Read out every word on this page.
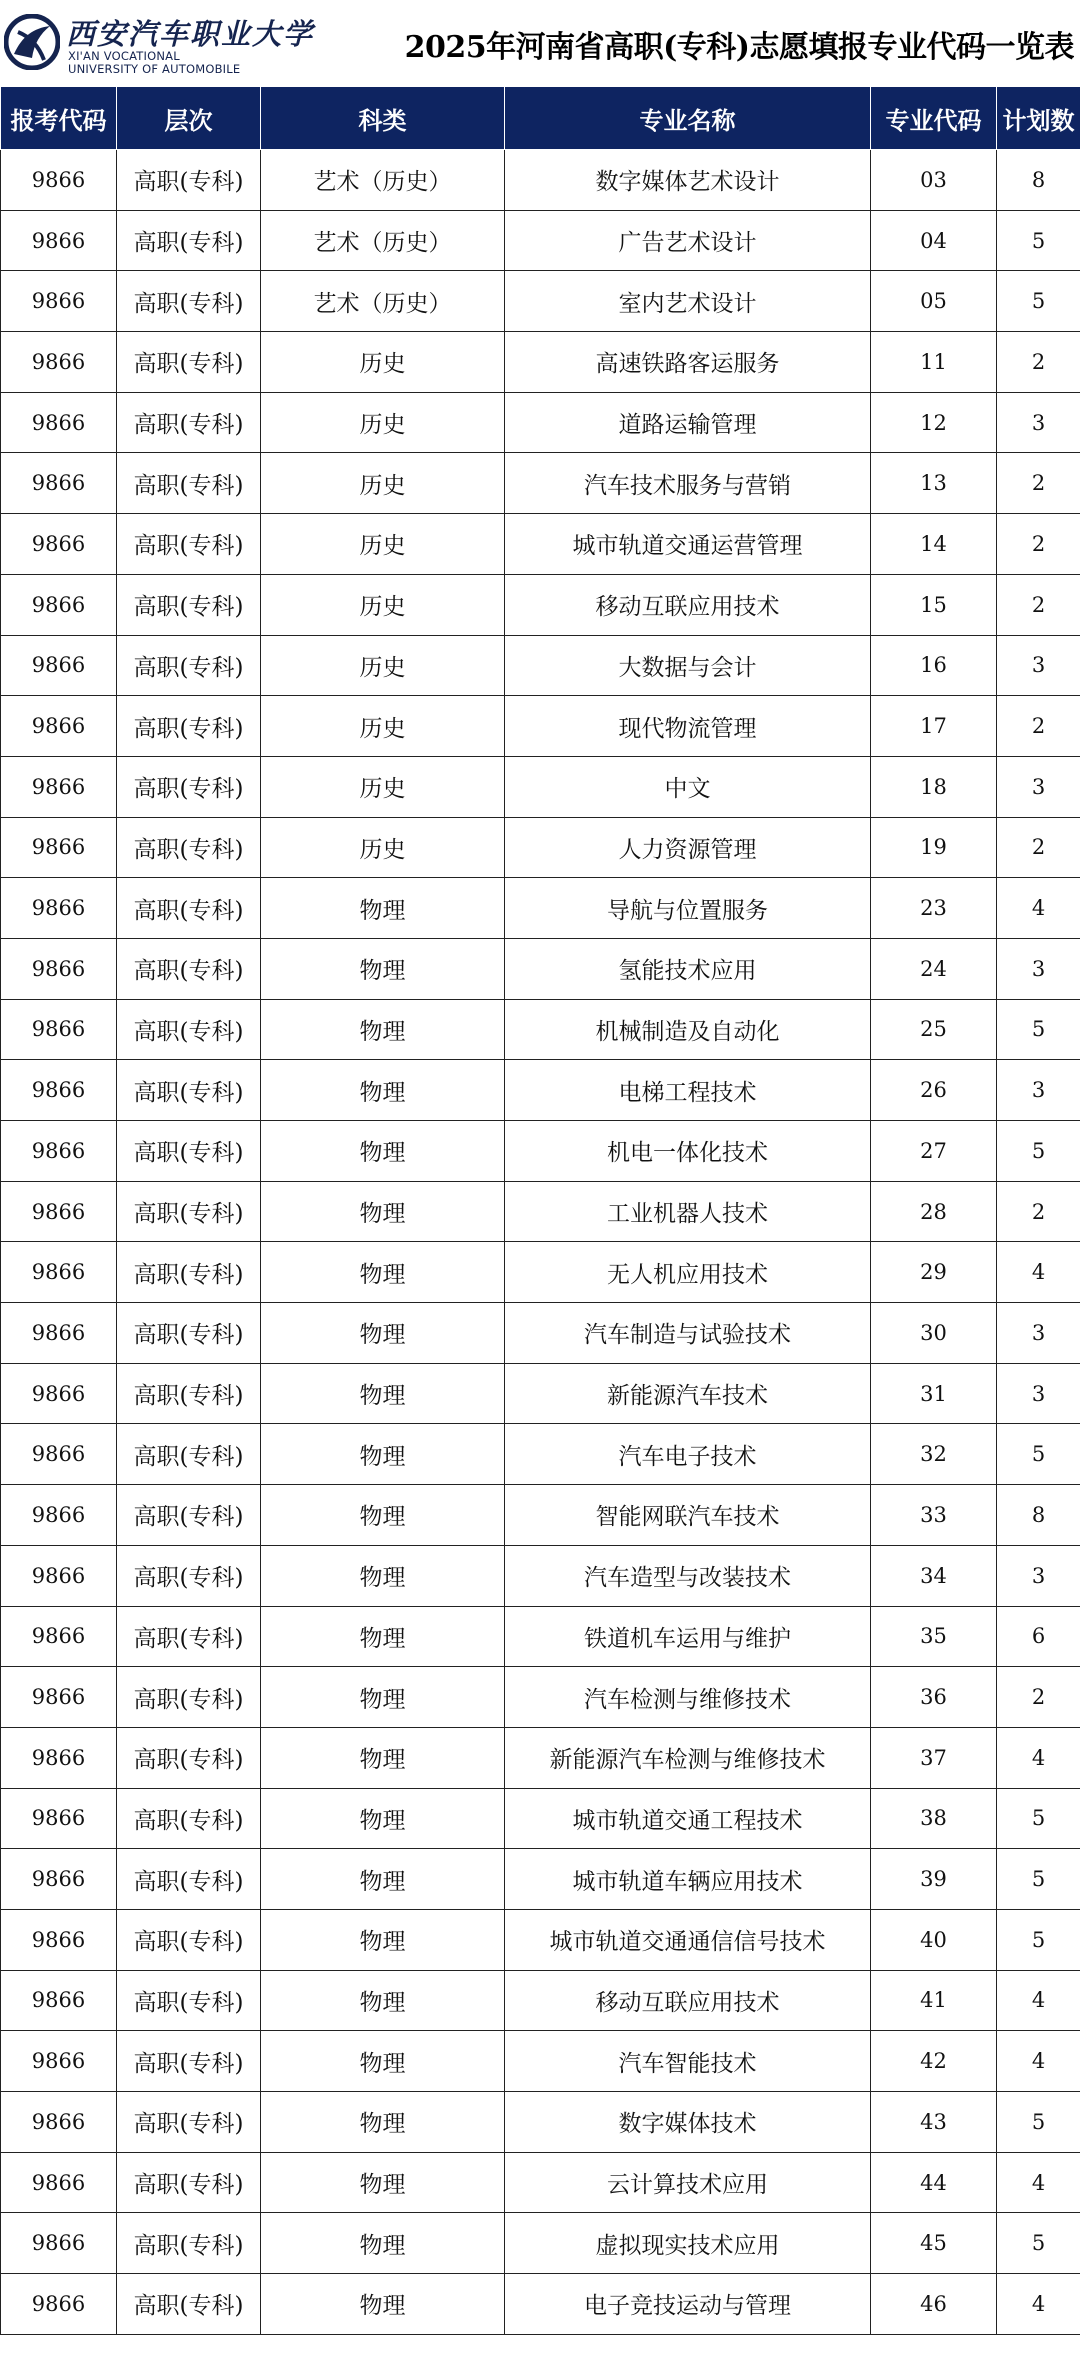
西安汽车职业大学
XI'AN VOCATIONAL
UNIVERSITY OF AUTOMOBILE
2025年河南省高职(专科)志愿填报专业代码一览表
报考代码	层次	科类	专业名称	专业代码	计划数
9866	高职(专科)	艺术（历史）	数字媒体艺术设计	03	8
9866	高职(专科)	艺术（历史）	广告艺术设计	04	5
9866	高职(专科)	艺术（历史）	室内艺术设计	05	5
9866	高职(专科)	历史	高速铁路客运服务	11	2
9866	高职(专科)	历史	道路运输管理	12	3
9866	高职(专科)	历史	汽车技术服务与营销	13	2
9866	高职(专科)	历史	城市轨道交通运营管理	14	2
9866	高职(专科)	历史	移动互联应用技术	15	2
9866	高职(专科)	历史	大数据与会计	16	3
9866	高职(专科)	历史	现代物流管理	17	2
9866	高职(专科)	历史	中文	18	3
9866	高职(专科)	历史	人力资源管理	19	2
9866	高职(专科)	物理	导航与位置服务	23	4
9866	高职(专科)	物理	氢能技术应用	24	3
9866	高职(专科)	物理	机械制造及自动化	25	5
9866	高职(专科)	物理	电梯工程技术	26	3
9866	高职(专科)	物理	机电一体化技术	27	5
9866	高职(专科)	物理	工业机器人技术	28	2
9866	高职(专科)	物理	无人机应用技术	29	4
9866	高职(专科)	物理	汽车制造与试验技术	30	3
9866	高职(专科)	物理	新能源汽车技术	31	3
9866	高职(专科)	物理	汽车电子技术	32	5
9866	高职(专科)	物理	智能网联汽车技术	33	8
9866	高职(专科)	物理	汽车造型与改装技术	34	3
9866	高职(专科)	物理	铁道机车运用与维护	35	6
9866	高职(专科)	物理	汽车检测与维修技术	36	2
9866	高职(专科)	物理	新能源汽车检测与维修技术	37	4
9866	高职(专科)	物理	城市轨道交通工程技术	38	5
9866	高职(专科)	物理	城市轨道车辆应用技术	39	5
9866	高职(专科)	物理	城市轨道交通通信信号技术	40	5
9866	高职(专科)	物理	移动互联应用技术	41	4
9866	高职(专科)	物理	汽车智能技术	42	4
9866	高职(专科)	物理	数字媒体技术	43	5
9866	高职(专科)	物理	云计算技术应用	44	4
9866	高职(专科)	物理	虚拟现实技术应用	45	5
9866	高职(专科)	物理	电子竞技运动与管理	46	4
